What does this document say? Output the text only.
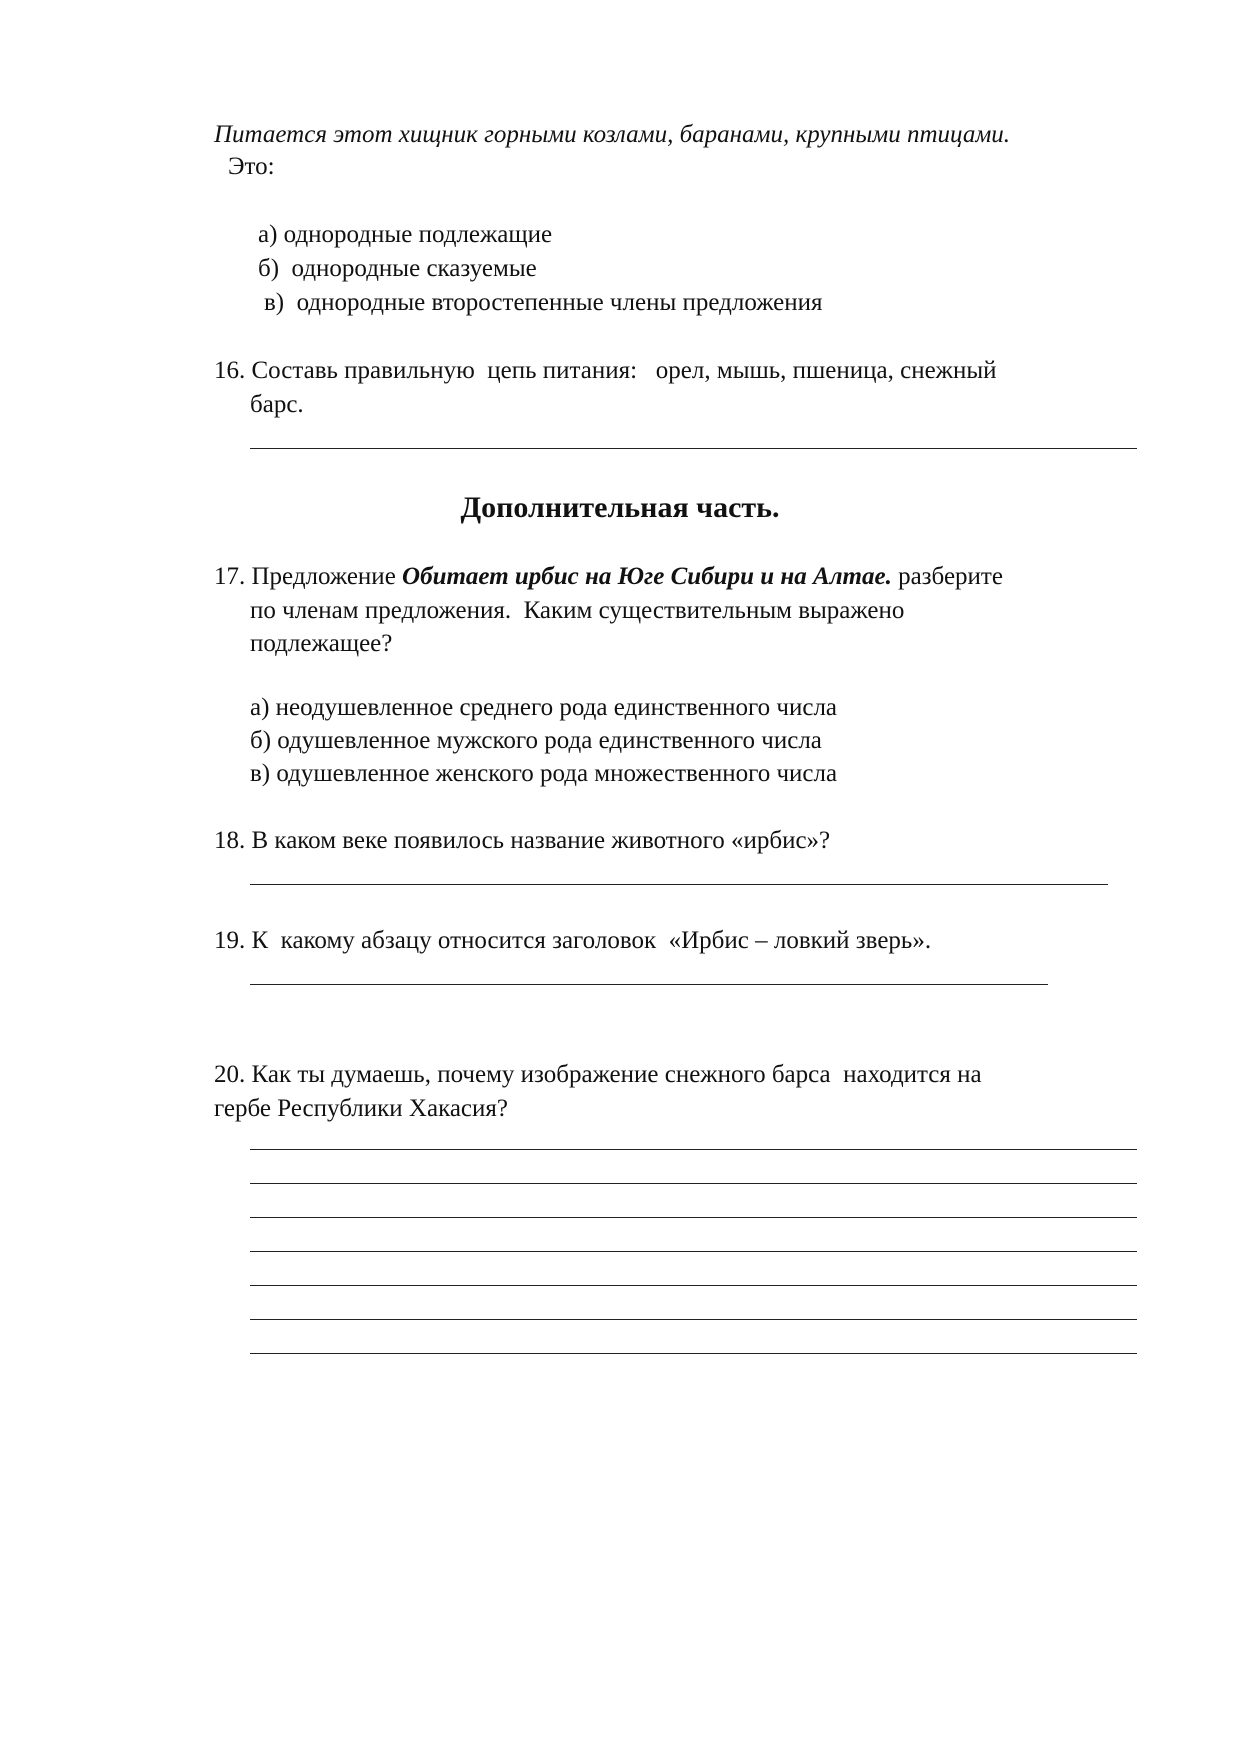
Питается этот хищник горными козлами, баранами, крупными птицами.
Это:
а) однородные подлежащие
б)  однородные сказуемые
в)  однородные второстепенные члены предложения
16. Составь правильную  цепь питания:   орел, мышь, пшеница, снежный
барс.
Дополнительная часть.
17. Предложение Обитает ирбис на Юге Сибири и на Алтае. разберите
по членам предложения.  Каким существительным выражено
подлежащее?
а) неодушевленное среднего рода единственного числа
б) одушевленное мужского рода единственного числа
в) одушевленное женского рода множественного числа
18. В каком веке появилось название животного «ирбис»?
19. К  какому абзацу относится заголовок  «Ирбис – ловкий зверь».
20. Как ты думаешь, почему изображение снежного барса  находится на
гербе Республики Хакасия?
